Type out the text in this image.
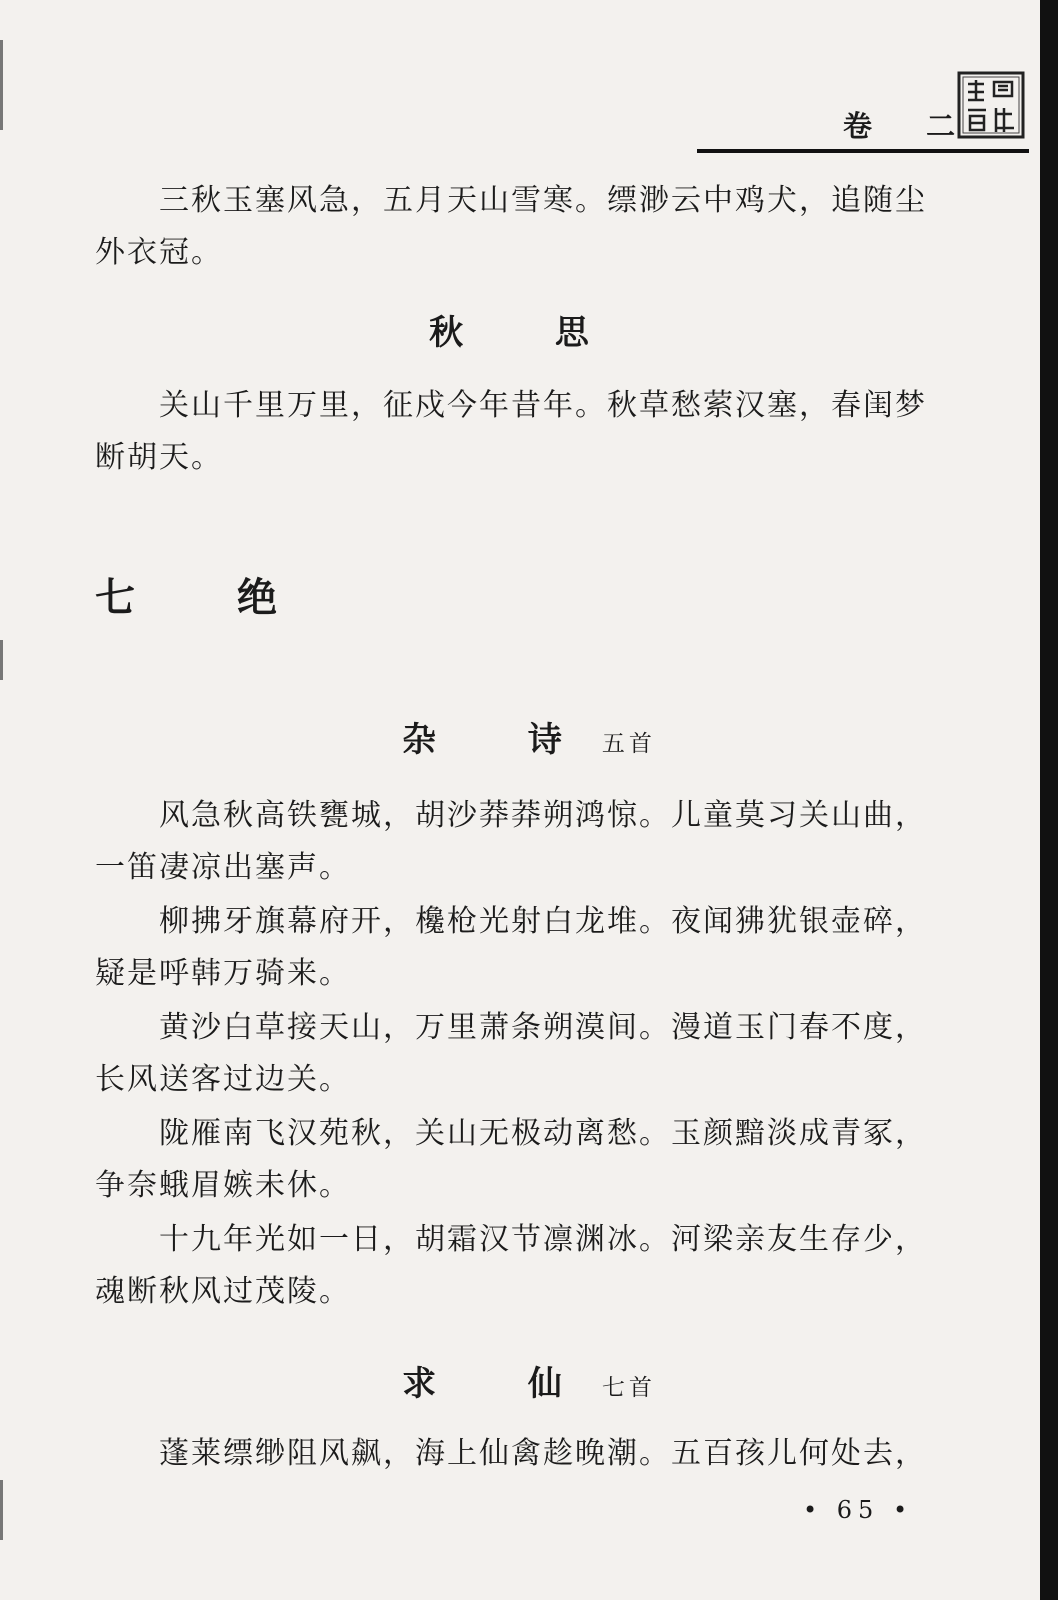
卷 二

三秋玉塞风急，五月天山雪寒。缥渺云中鸡犬，追随尘外衣冠。

秋 思

关山千里万里，征戍今年昔年。秋草愁萦汉塞，春闺梦断胡天。

七 绝
杂 诗五首

风急秋高铁甕城，胡沙莽莽朔鸿惊。儿童莫习关山曲，一笛凄凉出塞声。

柳拂牙旗幕府开，欃枪光射白龙堆。夜闻狒犹银壶碎，疑是呼韩万骑来。

黄沙白草接天山，万里萧条朔漠间。漫道玉门春不度，长风送客过边关。

陇雁南飞汉苑秋，关山无极动离愁。玉颜黯淡成青冢，争奈蛾眉嫉未休。

十九年光如一日，胡霜汉节凛渊冰。河梁亲友生存少，魂断秋风过茂陵。

求 仙七首

蓬莱缥缈阻风飙，海上仙禽趁晚潮。五百孩儿何处去，

• 65 •
